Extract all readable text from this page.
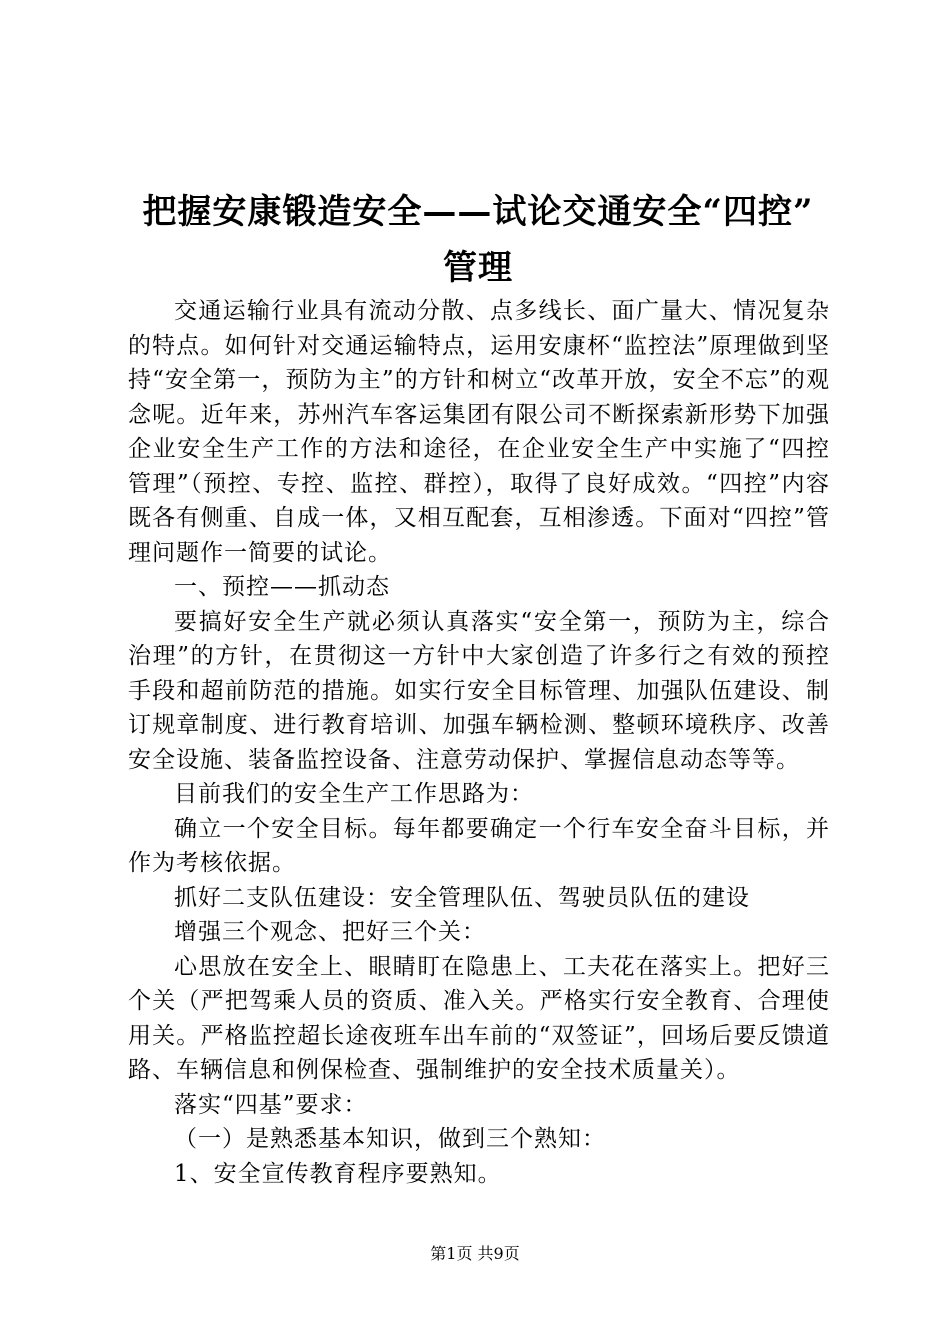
把握安康锻造安全——试论交通安全“四控”
管理

交通运输行业具有流动分散、点多线长、面广量大、情况复杂的特点。如何针对交通运输特点，运用安康杯“监控法”原理做到坚持“安全第一，预防为主”的方针和树立“改革开放，安全不忘”的观念呢。近年来，苏州汽车客运集团有限公司不断探索新形势下加强企业安全生产工作的方法和途径，在企业安全生产中实施了“四控管理”（预控、专控、监控、群控），取得了良好成效。“四控”内容既各有侧重、自成一体，又相互配套，互相渗透。下面对“四控”管理问题作一简要的试论。

一、预控——抓动态

要搞好安全生产就必须认真落实“安全第一，预防为主，综合治理”的方针，在贯彻这一方针中大家创造了许多行之有效的预控手段和超前防范的措施。如实行安全目标管理、加强队伍建设、制订规章制度、进行教育培训、加强车辆检测、整顿环境秩序、改善安全设施、装备监控设备、注意劳动保护、掌握信息动态等等。

目前我们的安全生产工作思路为：

确立一个安全目标。每年都要确定一个行车安全奋斗目标，并作为考核依据。

抓好二支队伍建设：安全管理队伍、驾驶员队伍的建设

增强三个观念、把好三个关：

心思放在安全上、眼睛盯在隐患上、工夫花在落实上。把好三个关（严把驾乘人员的资质、准入关。严格实行安全教育、合理使用关。严格监控超长途夜班车出车前的“双签证”，回场后要反馈道路、车辆信息和例保检查、强制维护的安全技术质量关）。

落实“四基”要求：

（一）是熟悉基本知识，做到三个熟知：

1、安全宣传教育程序要熟知。

第1页 共9页
